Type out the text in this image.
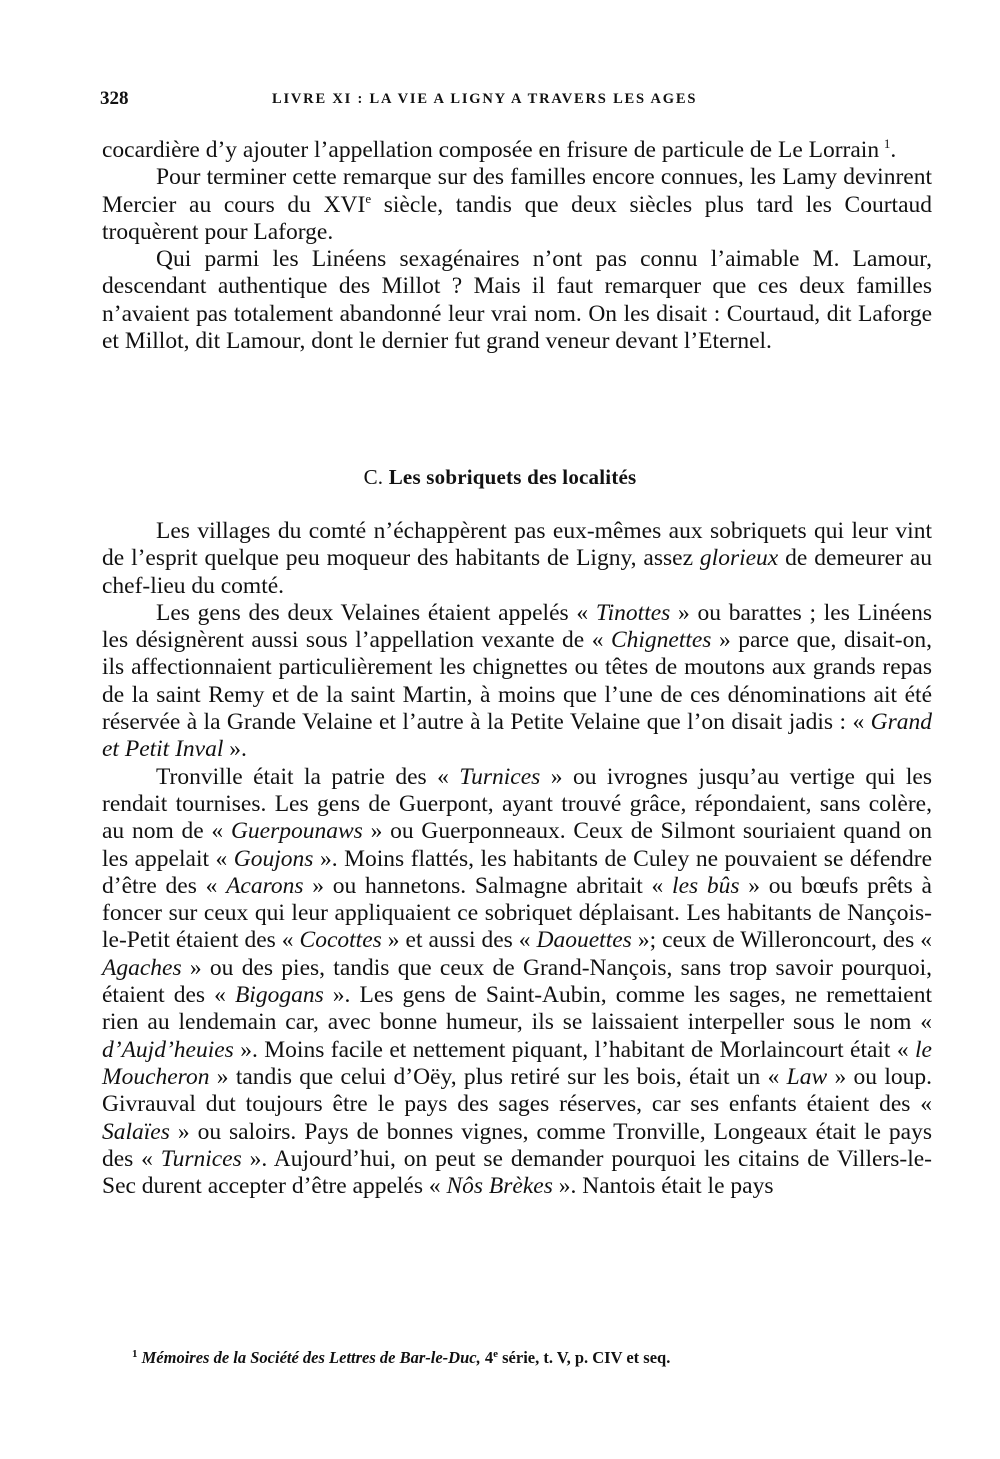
328	LIVRE XI : LA VIE A LIGNY A TRAVERS LES AGES

cocardière d’y ajouter l’appellation composée en frisure de particule de Le Lorrain  $^1$.

Pour terminer cette remarque sur des familles encore connues, les Lamy devinrent Mercier au cours du XVIe siècle, tandis que deux siècles plus tard les Courtaud troquèrent pour Laforge.

Qui parmi les Linéens sexagénaires n’ont pas connu l’aimable M. Lamour, descendant authentique des Millot ? Mais il faut remarquer que ces deux familles n’avaient pas totalement abandonné leur vrai nom. On les disait : Courtaud, dit Laforge et Millot, dit Lamour, dont le dernier fut grand veneur devant l’Eternel.

C. Les sobriquets des localités

Les villages du comté n’échappèrent pas eux-mêmes aux sobriquets qui leur vint de l’esprit quelque peu moqueur des habitants de Ligny, assez glorieux de demeurer au chef-lieu du comté.

Les gens des deux Velaines étaient appelés « Tinottes » ou barattes ; les Linéens les désignèrent aussi sous l’appellation vexante de « Chignettes » parce que, disait-on, ils affectionnaient particulièrement les chignettes ou têtes de moutons aux grands repas de la saint Remy et de la saint Martin, à moins que l’une de ces dénominations ait été réservée à la Grande Velaine et l’autre à la Petite Velaine que l’on disait jadis : « Grand et Petit Inval ».

Tronville était la patrie des « Turnices » ou ivrognes jusqu’au vertige qui les rendait tournises. Les gens de Guerpont, ayant trouvé grâce, répondaient, sans colère, au nom de « Guerpounaws » ou Guerponneaux. Ceux de Silmont souriaient quand on les appelait « Goujons ». Moins flattés, les habitants de Culey ne pouvaient se défendre d’être des « Acarons » ou hannetons. Salmagne abritait « les bûs » ou bœufs prêts à foncer sur ceux qui leur appliquaient ce sobriquet déplaisant. Les habitants de Nançois-le-Petit étaient des « Cocottes » et aussi des « Daouettes »; ceux de Willeroncourt, des « Agaches » ou des pies, tandis que ceux de Grand-Nançois, sans trop savoir pourquoi, étaient des « Bigogans ». Les gens de Saint-Aubin, comme les sages, ne remettaient rien au lendemain car, avec bonne humeur, ils se laissaient interpeller sous le nom « d’Aujd’heuies ». Moins facile et nettement piquant, l’habitant de Morlaincourt était « le Moucheron » tandis que celui d’Oëy, plus retiré sur les bois, était un « Law » ou loup. Givrauval dut toujours être le pays des sages réserves, car ses enfants étaient des « Salaïes » ou saloirs. Pays de bonnes vignes, comme Tronville, Longeaux était le pays des « Turnices ». Aujourd’hui, on peut se demander pourquoi les citains de Villers-le-Sec durent accepter d’être appelés « Nôs Brèkes ». Nantois était le pays

$^1$ Mémoires de la Société des Lettres de Bar-le-Duc, 4e série, t. V, p. CIV et seq.
